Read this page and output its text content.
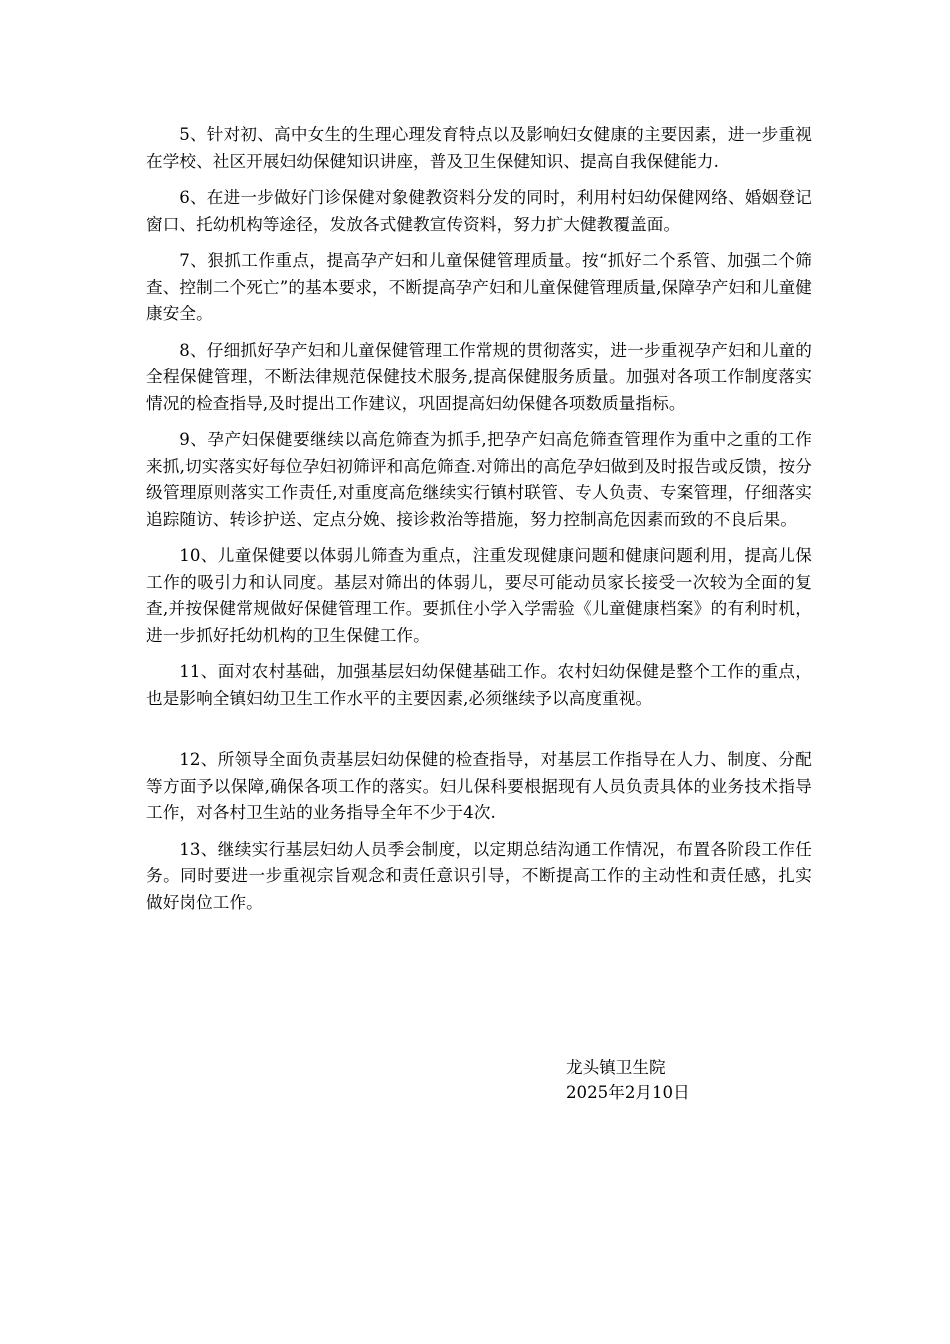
5、针对初、高中女生的生理心理发育特点以及影响妇女健康的主要因素，进一步重视在学校、社区开展妇幼保健知识讲座，普及卫生保健知识、提高自我保健能力.

6、在进一步做好门诊保健对象健教资料分发的同时，利用村妇幼保健网络、婚姻登记窗口、托幼机构等途径，发放各式健教宣传资料，努力扩大健教覆盖面。

7、狠抓工作重点，提高孕产妇和儿童保健管理质量。按“抓好二个系管、加强二个筛查、控制二个死亡”的基本要求，不断提高孕产妇和儿童保健管理质量,保障孕产妇和儿童健康安全。

8、仔细抓好孕产妇和儿童保健管理工作常规的贯彻落实，进一步重视孕产妇和儿童的全程保健管理，不断法律规范保健技术服务,提高保健服务质量。加强对各项工作制度落实情况的检查指导,及时提出工作建议，巩固提高妇幼保健各项数质量指标。

9、孕产妇保健要继续以高危筛查为抓手,把孕产妇高危筛查管理作为重中之重的工作来抓,切实落实好每位孕妇初筛评和高危筛查.对筛出的高危孕妇做到及时报告或反馈，按分级管理原则落实工作责任,对重度高危继续实行镇村联管、专人负责、专案管理，仔细落实追踪随访、转诊护送、定点分娩、接诊救治等措施，努力控制高危因素而致的不良后果。

10、儿童保健要以体弱儿筛查为重点，注重发现健康问题和健康问题利用，提高儿保工作的吸引力和认同度。基层对筛出的体弱儿，要尽可能动员家长接受一次较为全面的复查,并按保健常规做好保健管理工作。要抓住小学入学需验《儿童健康档案》的有利时机，进一步抓好托幼机构的卫生保健工作。

11、面对农村基础，加强基层妇幼保健基础工作。农村妇幼保健是整个工作的重点，也是影响全镇妇幼卫生工作水平的主要因素,必须继续予以高度重视。

12、所领导全面负责基层妇幼保健的检查指导，对基层工作指导在人力、制度、分配等方面予以保障,确保各项工作的落实。妇儿保科要根据现有人员负责具体的业务技术指导工作，对各村卫生站的业务指导全年不少于4次.

13、继续实行基层妇幼人员季会制度，以定期总结沟通工作情况，布置各阶段工作任务。同时要进一步重视宗旨观念和责任意识引导，不断提高工作的主动性和责任感，扎实做好岗位工作。

龙头镇卫生院

2025年2月10日
